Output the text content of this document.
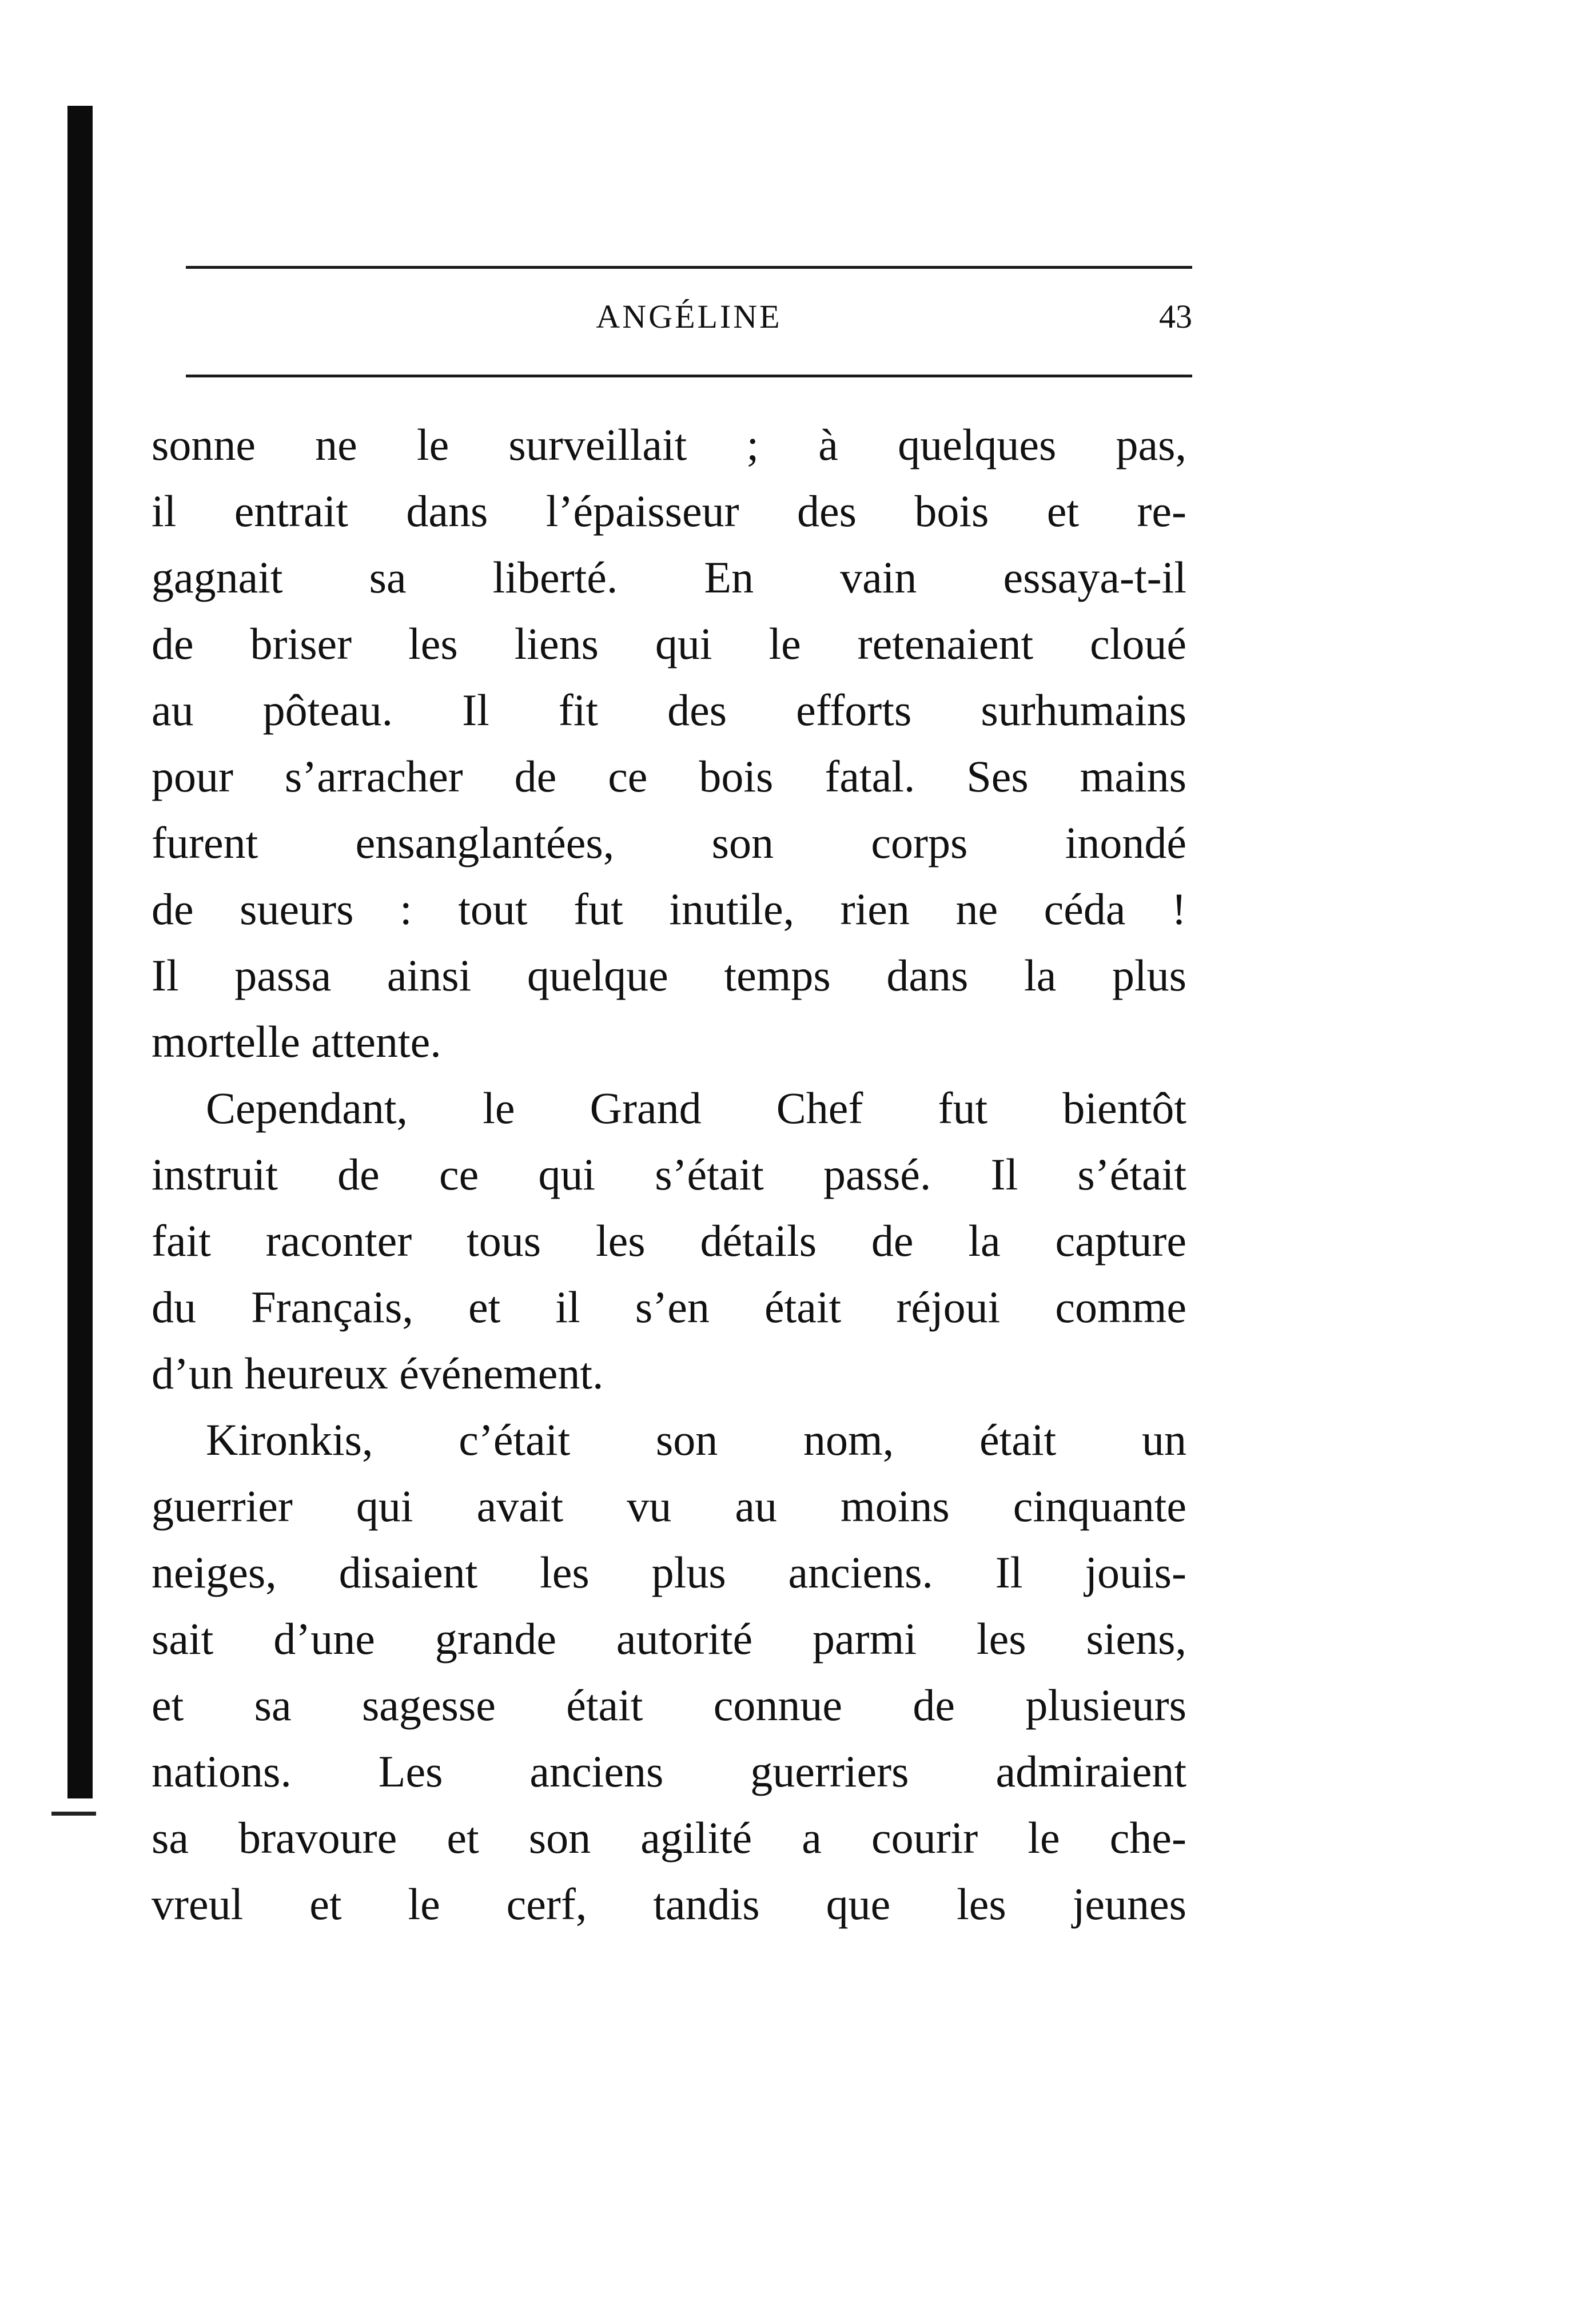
ANGÉLINE	43
sonne ne le surveillait ; à quelques pas,
il entrait dans l’épaisseur des bois et re-
gagnait sa liberté. En vain essaya-t-il
de briser les liens qui le retenaient cloué
au pôteau. Il fit des efforts surhumains
pour s’arracher de ce bois fatal. Ses mains
furent ensanglantées, son corps inondé
de sueurs : tout fut inutile, rien ne céda !
Il passa ainsi quelque temps dans la plus
mortelle attente.
Cependant, le Grand Chef fut bientôt
instruit de ce qui s’était passé. Il s’était
fait raconter tous les détails de la capture
du Français, et il s’en était réjoui comme
d’un heureux événement.
Kironkis, c’était son nom, était un
guerrier qui avait vu au moins cinquante
neiges, disaient les plus anciens. Il jouis-
sait d’une grande autorité parmi les siens,
et sa sagesse était connue de plusieurs
nations. Les anciens guerriers admiraient
sa bravoure et son agilité a courir le che-
vreul et le cerf, tandis que les jeunes
